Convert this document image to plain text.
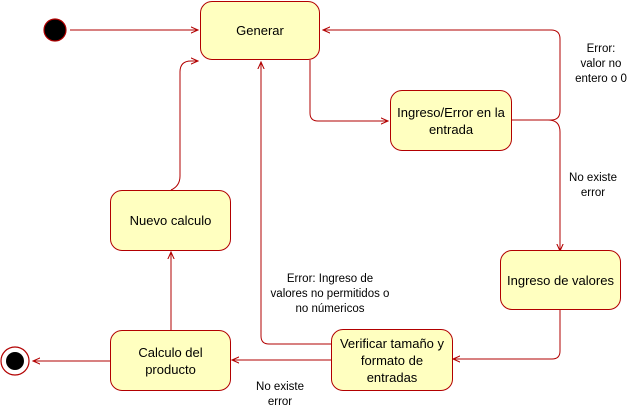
Generar
Ingreso/Error en la entrada
Ingreso de valores
Verificar tamaño y formato de entradas
Calculo del producto
Nuevo calculo
Error: valor no entero o 0
No existe error
Error: Ingreso de valores no permitidos o no númericos
No existe error
